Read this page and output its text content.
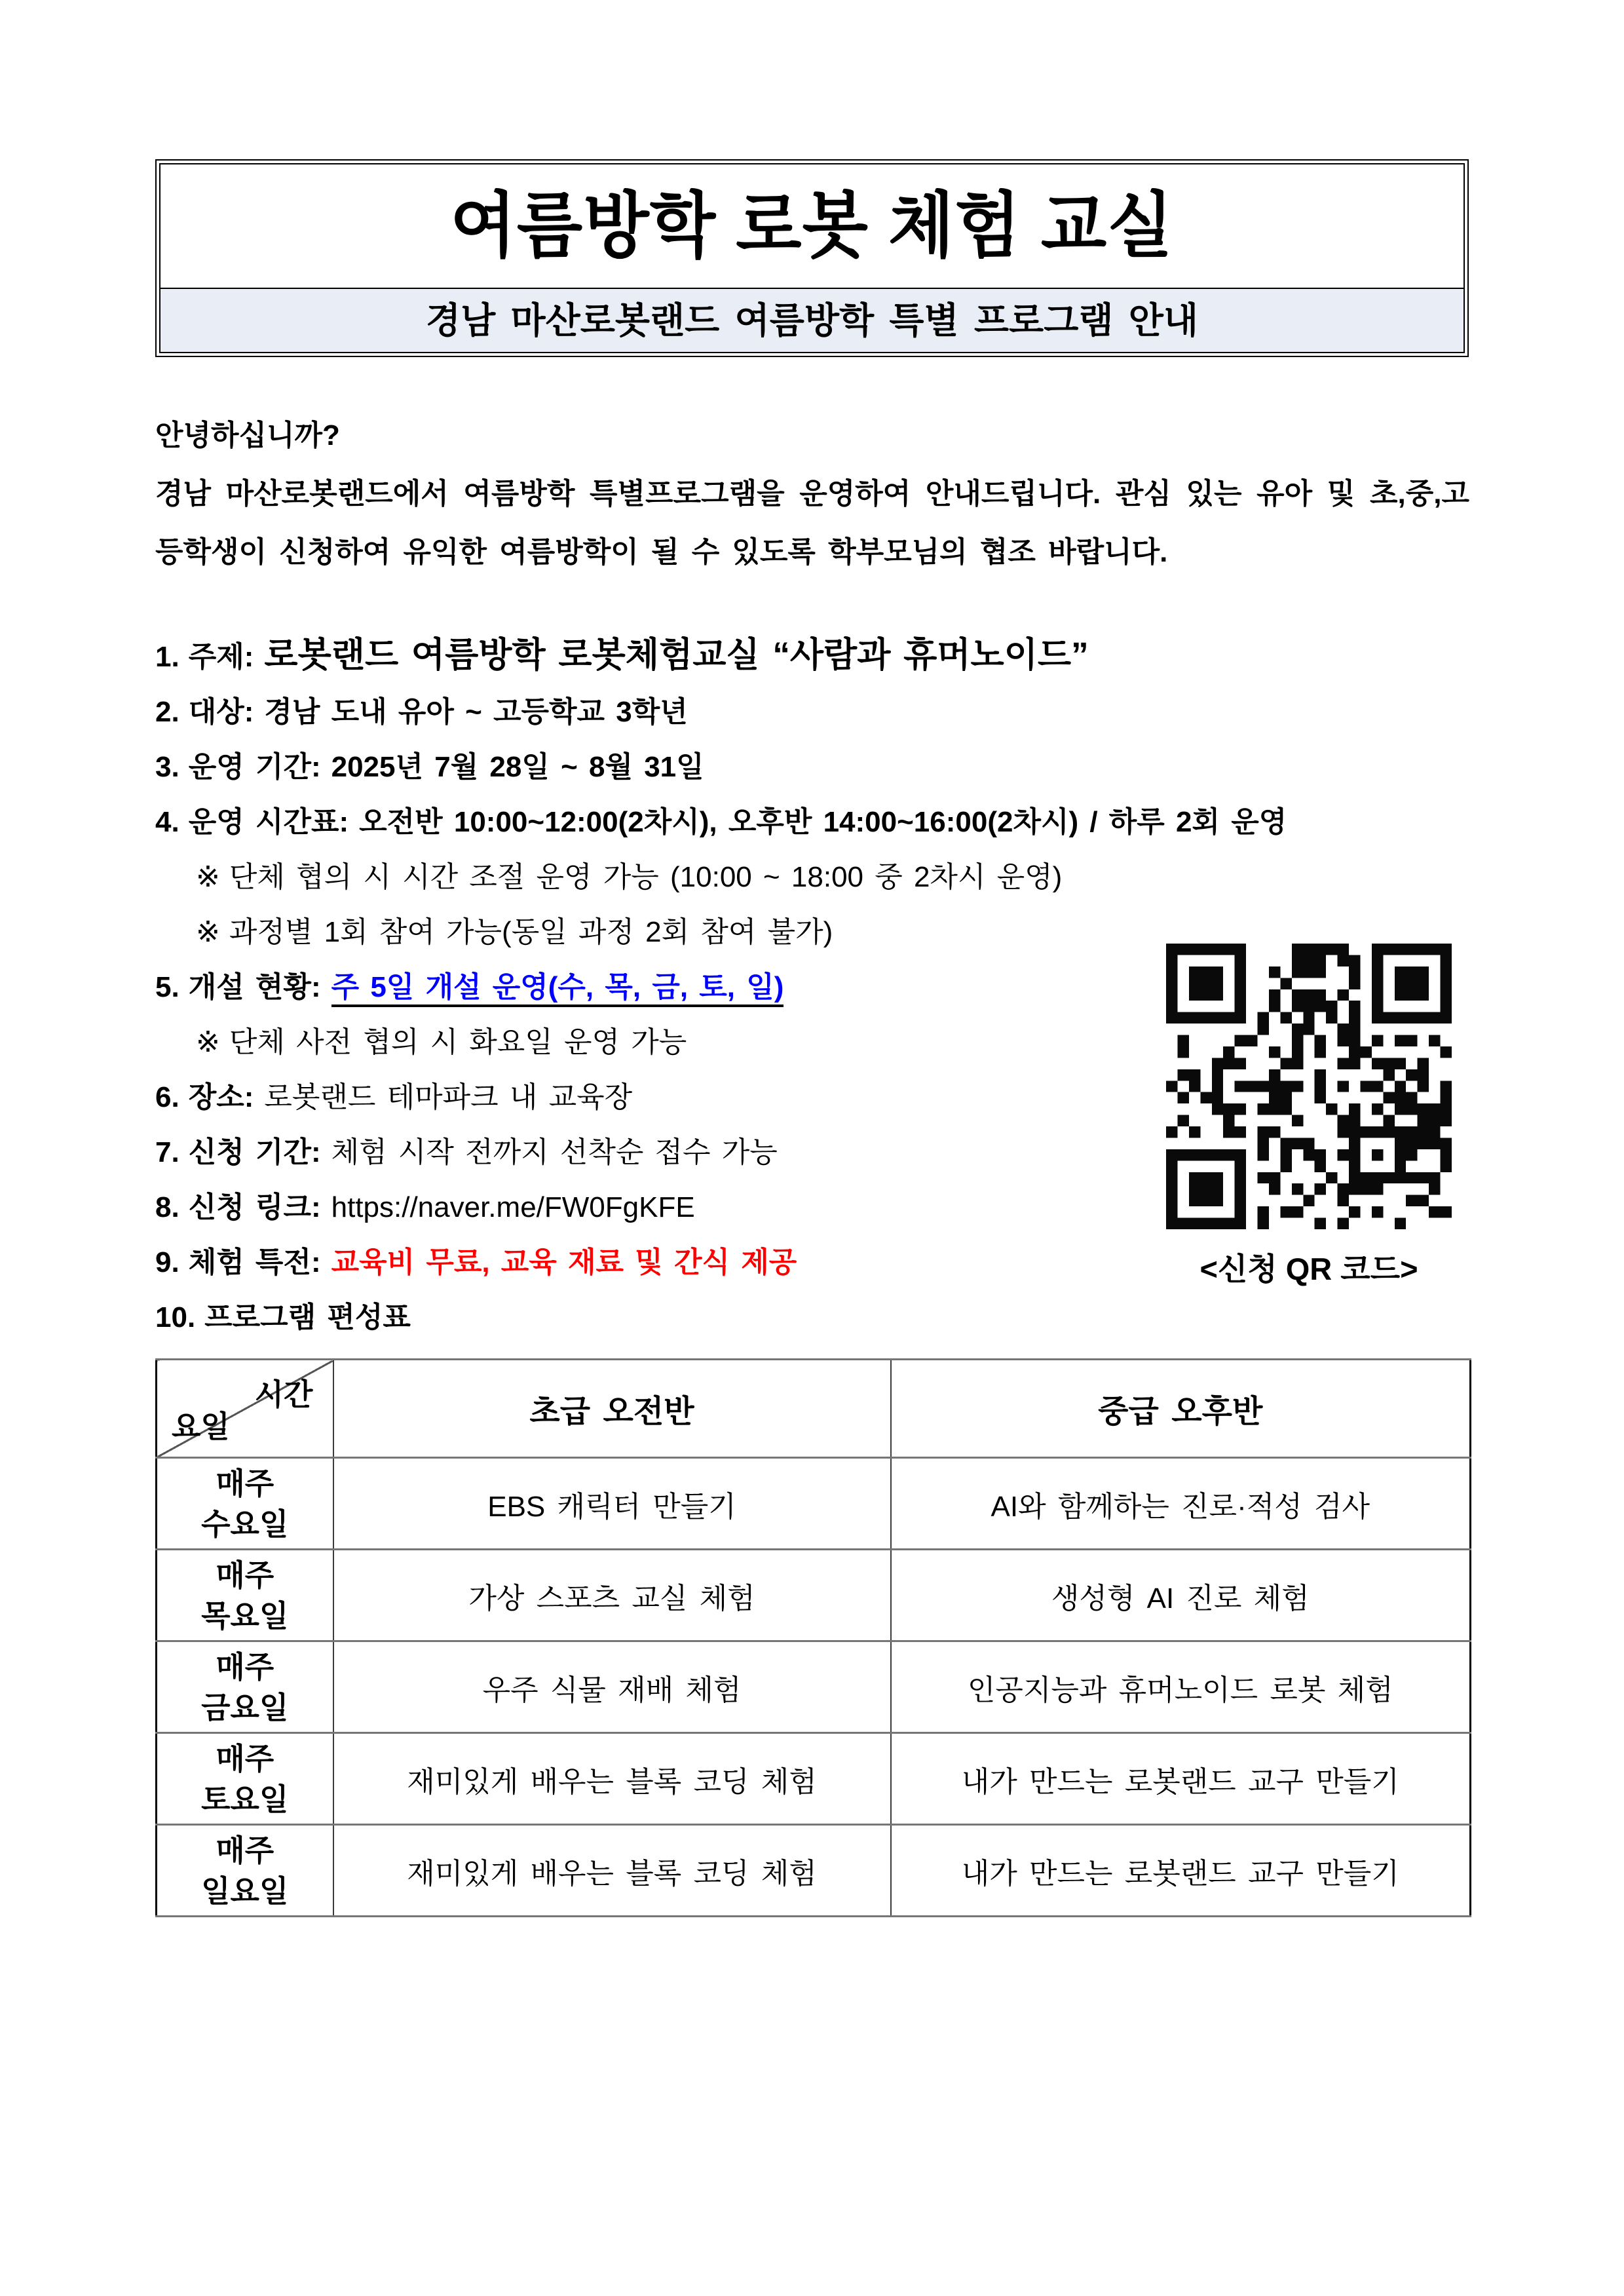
여름방학 로봇 체험 교실
경남 마산로봇랜드 여름방학 특별 프로그램 안내

안녕하십니까?

경남 마산로봇랜드에서 여름방학 특별프로그램을 운영하여 안내드립니다. 관심 있는 유아 및 초,중,고등학생이 신청하여 유익한 여름방학이 될 수 있도록 학부모님의 협조 바랍니다.

1. 주제: 로봇랜드 여름방학 로봇체험교실 “사람과 휴머노이드”
2. 대상: 경남 도내 유아 ~ 고등학교 3학년
3. 운영 기간: 2025년 7월 28일 ~ 8월 31일
4. 운영 시간표: 오전반 10:00~12:00(2차시), 오후반 14:00~16:00(2차시) / 하루 2회 운영
※ 단체 협의 시 시간 조절 운영 가능 (10:00 ~ 18:00 중 2차시 운영)
※ 과정별 1회 참여 가능(동일 과정 2회 참여 불가)
5. 개설 현황: 주 5일 개설 운영(수, 목, 금, 토, 일)
※ 단체 사전 협의 시 화요일 운영 가능
6. 장소: 로봇랜드 테마파크 내 교육장
7. 신청 기간: 체험 시작 전까지 선착순 접수 가능
8. 신청 링크: https://naver.me/FW0FgKFE
9. 체험 특전: 교육비 무료, 교육 재료 및 간식 제공
10. 프로그램 편성표
<신청 QR 코드>
시간
요일	초급 오전반	중급 오후반

매주
수요일	EBS 캐릭터 만들기	AI와 함께하는 진로·적성 검사

매주
목요일	가상 스포츠 교실 체험	생성형 AI 진로 체험

매주
금요일	우주 식물 재배 체험	인공지능과 휴머노이드 로봇 체험

매주
토요일	재미있게 배우는 블록 코딩 체험	내가 만드는 로봇랜드 교구 만들기

매주
일요일	재미있게 배우는 블록 코딩 체험	내가 만드는 로봇랜드 교구 만들기
